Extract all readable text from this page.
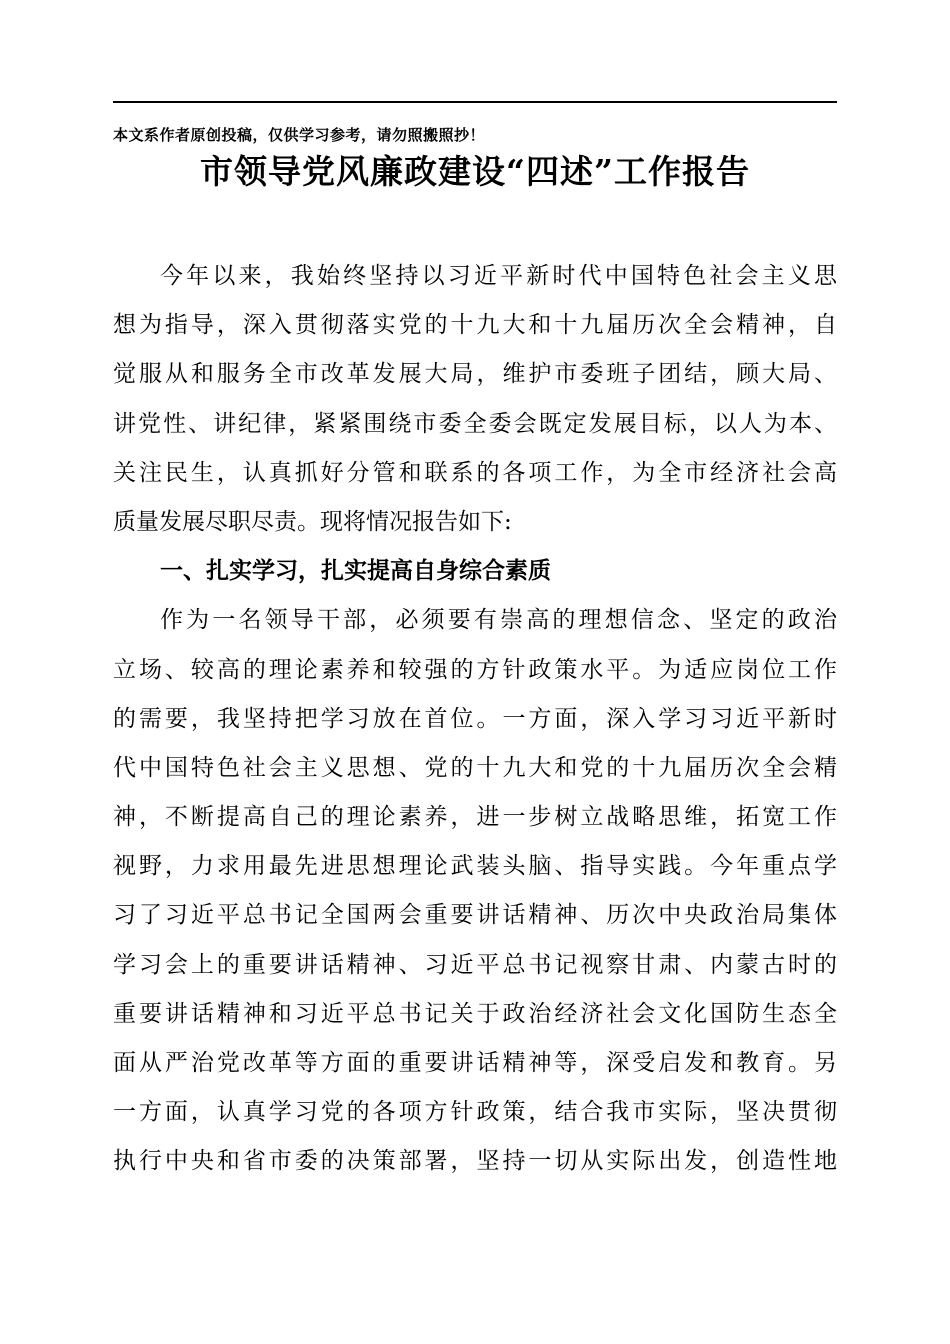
本文系作者原创投稿，仅供学习参考，请勿照搬照抄！
市领导党风廉政建设“四述”工作报告
今年以来，我始终坚持以习近平新时代中国特色社会主义思
想为指导，深入贯彻落实党的十九大和十九届历次全会精神，自
觉服从和服务全市改革发展大局，维护市委班子团结，顾大局、
讲党性、讲纪律，紧紧围绕市委全委会既定发展目标，以人为本、
关注民生，认真抓好分管和联系的各项工作，为全市经济社会高
质量发展尽职尽责。现将情况报告如下:
一、扎实学习，扎实提高自身综合素质
作为一名领导干部，必须要有崇高的理想信念、坚定的政治
立场、较高的理论素养和较强的方针政策水平。为适应岗位工作
的需要，我坚持把学习放在首位。一方面，深入学习习近平新时
代中国特色社会主义思想、党的十九大和党的十九届历次全会精
神，不断提高自己的理论素养，进一步树立战略思维，拓宽工作
视野，力求用最先进思想理论武装头脑、指导实践。今年重点学
习了习近平总书记全国两会重要讲话精神、历次中央政治局集体
学习会上的重要讲话精神、习近平总书记视察甘肃、内蒙古时的
重要讲话精神和习近平总书记关于政治经济社会文化国防生态全
面从严治党改革等方面的重要讲话精神等，深受启发和教育。另
一方面，认真学习党的各项方针政策，结合我市实际，坚决贯彻
执行中央和省市委的决策部署，坚持一切从实际出发，创造性地
